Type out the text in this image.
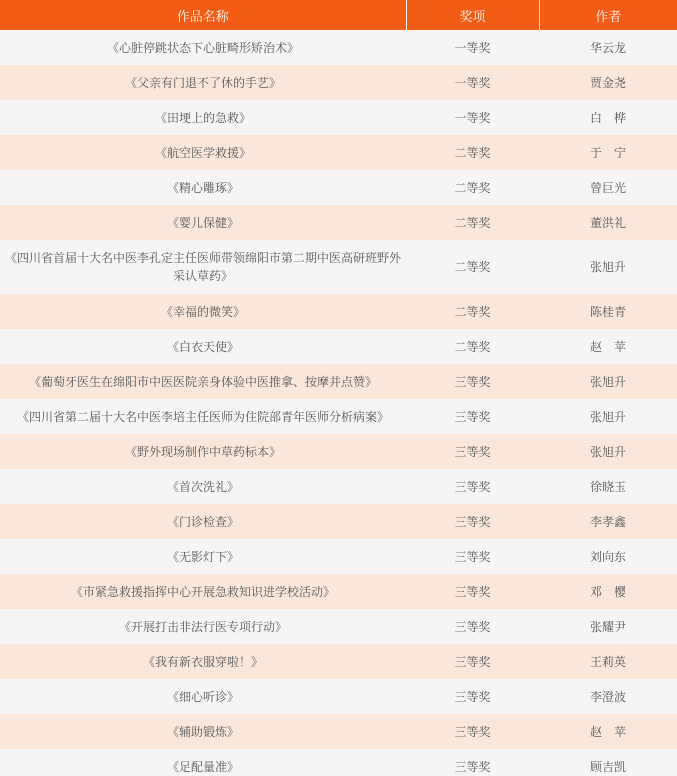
作品名称	奖项	作者
《心脏停跳状态下心脏畸形矫治术》	一等奖	华云龙
《父亲有门退不了休的手艺》	一等奖	贾金尧
《田埂上的急救》	一等奖	白　桦
《航空医学救援》	二等奖	于　宁
《精心雕琢》	二等奖	曾巨光
《婴儿保健》	二等奖	董洪礼
《四川省首届十大名中医李孔定主任医师带领绵阳市第二期中医高研班野外采认草药》	二等奖	张旭升
《幸福的微笑》	二等奖	陈桂青
《白衣天使》	二等奖	赵　苹
《葡萄牙医生在绵阳市中医医院亲身体验中医推拿、按摩并点赞》	三等奖	张旭升
《四川省第二届十大名中医李培主任医师为住院部青年医师分析病案》	三等奖	张旭升
《野外现场制作中草药标本》	三等奖	张旭升
《首次洗礼》	三等奖	徐晓玉
《门诊检查》	三等奖	李孝鑫
《无影灯下》	三等奖	刘向东
《市紧急救援指挥中心开展急救知识进学校活动》	三等奖	邓　樱
《开展打击非法行医专项行动》	三等奖	张耀尹
《我有新衣服穿啦！》	三等奖	王莉英
《细心听诊》	三等奖	李澄波
《辅助锻炼》	三等奖	赵　苹
《足配量准》	三等奖	顾吉凯
